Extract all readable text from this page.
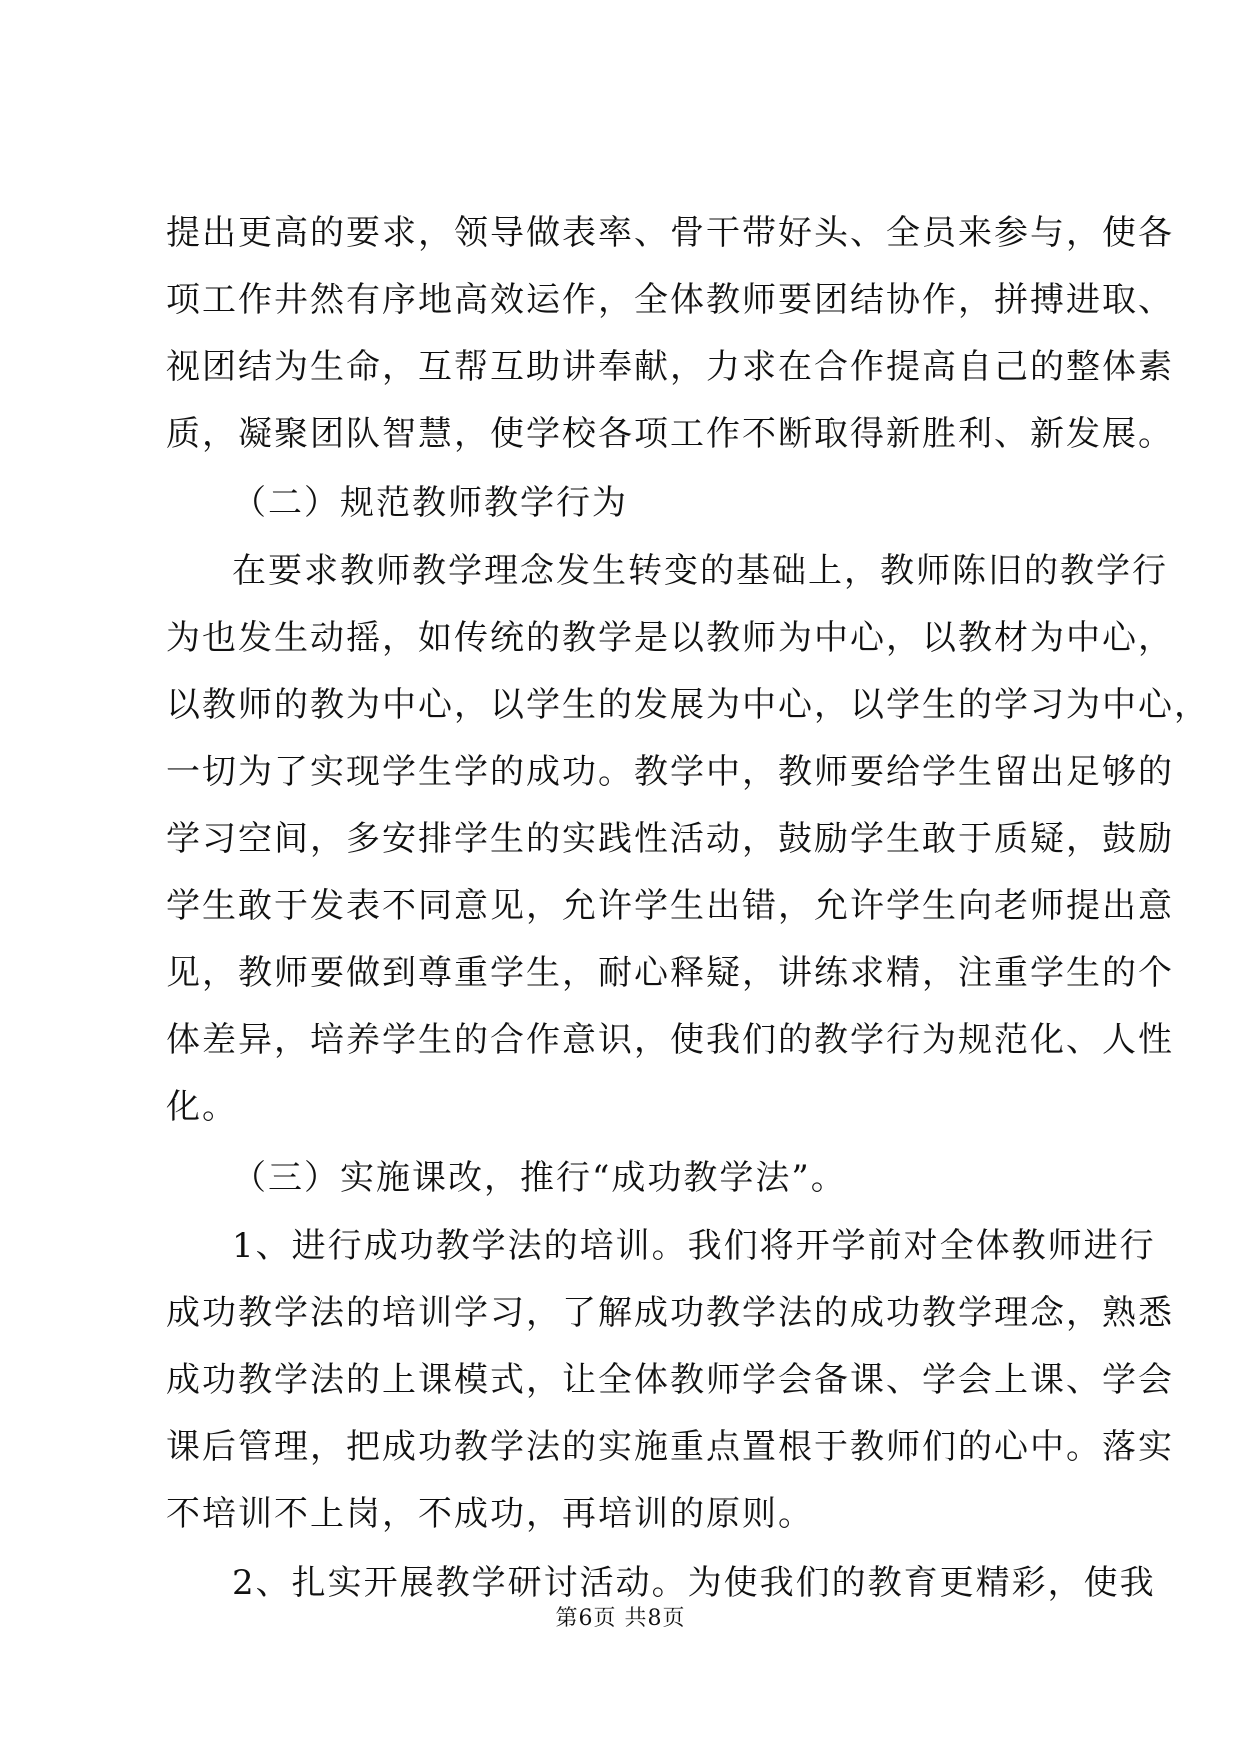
提出更高的要求，领导做表率、骨干带好头、全员来参与，使各
项工作井然有序地高效运作，全体教师要团结协作，拼搏进取、
视团结为生命，互帮互助讲奉献，力求在合作提高自己的整体素
质，凝聚团队智慧，使学校各项工作不断取得新胜利、新发展。
（二）规范教师教学行为
在要求教师教学理念发生转变的基础上，教师陈旧的教学行
为也发生动摇，如传统的教学是以教师为中心，以教材为中心，
以教师的教为中心，以学生的发展为中心，以学生的学习为中心，
一切为了实现学生学的成功。教学中，教师要给学生留出足够的
学习空间，多安排学生的实践性活动，鼓励学生敢于质疑，鼓励
学生敢于发表不同意见，允许学生出错，允许学生向老师提出意
见，教师要做到尊重学生，耐心释疑，讲练求精，注重学生的个
体差异，培养学生的合作意识，使我们的教学行为规范化、人性
化。
（三）实施课改，推行“成功教学法”。
1、进行成功教学法的培训。我们将开学前对全体教师进行
成功教学法的培训学习，了解成功教学法的成功教学理念，熟悉
成功教学法的上课模式，让全体教师学会备课、学会上课、学会
课后管理，把成功教学法的实施重点置根于教师们的心中。落实
不培训不上岗，不成功，再培训的原则。
2、扎实开展教学研讨活动。为使我们的教育更精彩，使我
第6页 共8页
